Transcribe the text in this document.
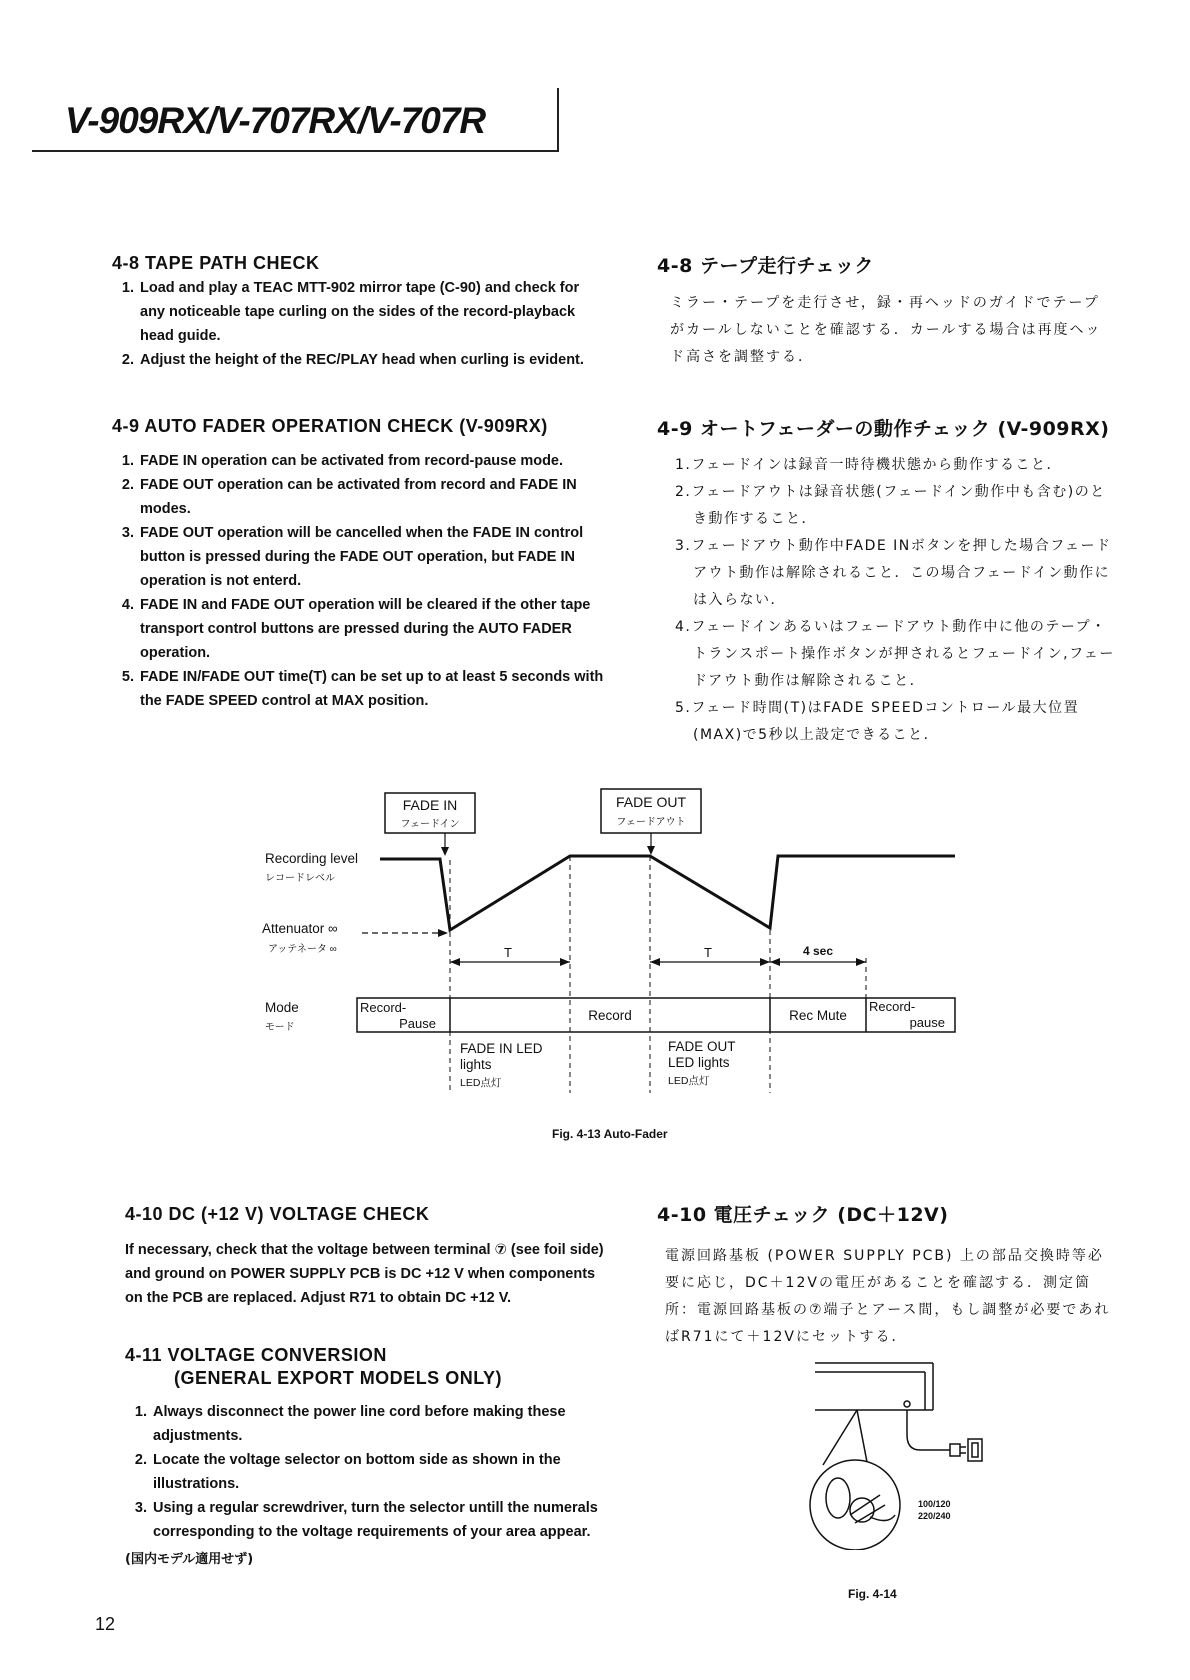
V-909RX/V-707RX/V-707R
4-8 TAPE PATH CHECK
1. Load and play a TEAC MTT-902 mirror tape (C-90) and check for any noticeable tape curling on the sides of the record-playback head guide.
2. Adjust the height of the REC/PLAY head when curling is evident.
4-8 テープ走行チェック
ミラー・テープを走行させ，録・再ヘッドのガイドでテープがカールしないことを確認する．カールする場合は再度ヘッド高さを調整する．
4-9 AUTO FADER OPERATION CHECK (V-909RX)
1. FADE IN operation can be activated from record-pause mode.
2. FADE OUT operation can be activated from record and FADE IN modes.
3. FADE OUT operation will be cancelled when the FADE IN control button is pressed during the FADE OUT operation, but FADE IN operation is not enterd.
4. FADE IN and FADE OUT operation will be cleared if the other tape transport control buttons are pressed during the AUTO FADER operation.
5. FADE IN/FADE OUT time(T) can be set up to at least 5 seconds with the FADE SPEED control at MAX position.
4-9 オートフェーダーの動作チェック (V-909RX)
1.フェードインは録音一時待機状態から動作すること．
2.フェードアウトは録音状態(フェードイン動作中も含む)のとき動作すること．
3.フェードアウト動作中FADE INボタンを押した場合フェードアウト動作は解除されること．この場合フェードイン動作には入らない．
4.フェードインあるいはフェードアウト動作中に他のテープ・トランスポート操作ボタンが押されるとフェードイン,フェードアウト動作は解除されること．
5.フェード時間(T)はFADE SPEEDコントロール最大位置(MAX)で5秒以上設定できること．
FADE IN
フェードイン
FADE OUT
フェードアウト
Recording level
レコードレベル
Attenuator ∞
アッテネータ ∞	T	T	4 sec
Mode
モード
Record-
Pause
Record	Rec Mute
Record-
pause
FADE IN LED
lights
LED点灯
FADE OUT
LED lights
LED点灯
Fig. 4-13 Auto-Fader
4-10 DC (+12 V) VOLTAGE CHECK
If necessary, check that the voltage between terminal ⑦ (see foil side) and ground on POWER SUPPLY PCB is DC +12 V when components on the PCB are replaced. Adjust R71 to obtain DC +12 V.
4-10 電圧チェック (DC＋12V)
電源回路基板 (POWER SUPPLY PCB) 上の部品交換時等必要に応じ，DC＋12Vの電圧があることを確認する．測定箇所：電源回路基板の⑦端子とアース間，もし調整が必要であればR71にて＋12Vにセットする．
4-11 VOLTAGE CONVERSION
(GENERAL EXPORT MODELS ONLY)
1. Always disconnect the power line cord before making these adjustments.
2. Locate the voltage selector on bottom side as shown in the illustrations.
3. Using a regular screwdriver, turn the selector untill the numerals corresponding to the voltage requirements of your area appear.
(国内モデル適用せず)
100/120
220/240
Fig. 4-14
12
